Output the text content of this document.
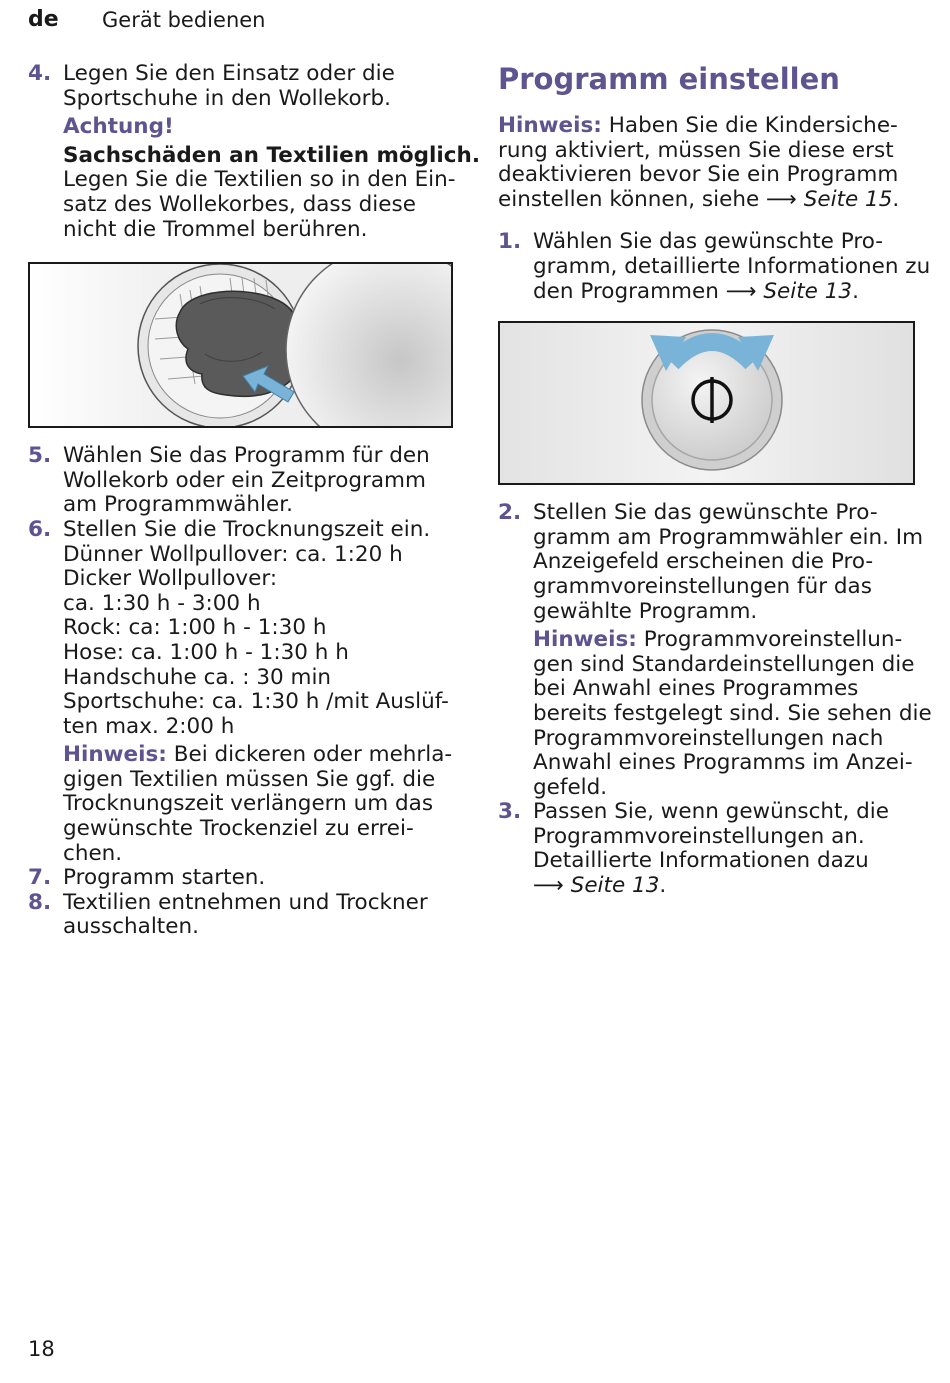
de Gerät bedienen
4. Legen Sie den Einsatz oder die
Sportschuhe in den Wollekorb.
Achtung!
Sachschäden an Textilien möglich.
Legen Sie die Textilien so in den Ein-
satz des Wollekorbes, dass diese
nicht die Trommel berühren.
5. Wählen Sie das Programm für den
Wollekorb oder ein Zeitprogramm
am Programmwähler.
6. Stellen Sie die Trocknungszeit ein.
Dünner Wollpullover: ca. 1:20 h
Dicker Wollpullover:
ca. 1:30 h - 3:00 h
Rock: ca: 1:00 h - 1:30 h
Hose: ca. 1:00 h - 1:30 h h
Handschuhe ca. : 30 min
Sportschuhe: ca. 1:30 h /mit Auslüf-
ten max. 2:00 h
Hinweis: Bei dickeren oder mehrla-
gigen Textilien müssen Sie ggf. die
Trocknungszeit verlängern um das
gewünschte Trockenziel zu errei-
chen.
7. Programm starten.
8. Textilien entnehmen und Trockner
ausschalten.
Programm einstellen
Hinweis: Haben Sie die Kindersiche-
rung aktiviert, müssen Sie diese erst
deaktivieren bevor Sie ein Programm
einstellen können, siehe ⟶ Seite 15.
1. Wählen Sie das gewünschte Pro-
gramm, detaillierte Informationen zu
den Programmen ⟶ Seite 13.
2. Stellen Sie das gewünschte Pro-
gramm am Programmwähler ein. Im
Anzeigefeld erscheinen die Pro-
grammvoreinstellungen für das
gewählte Programm.
Hinweis: Programmvoreinstellun-
gen sind Standardeinstellungen die
bei Anwahl eines Programmes
bereits festgelegt sind. Sie sehen die
Programmvoreinstellungen nach
Anwahl eines Programms im Anzei-
gefeld.
3. Passen Sie, wenn gewünscht, die
Programmvoreinstellungen an.
Detaillierte Informationen dazu
⟶ Seite 13.
18
